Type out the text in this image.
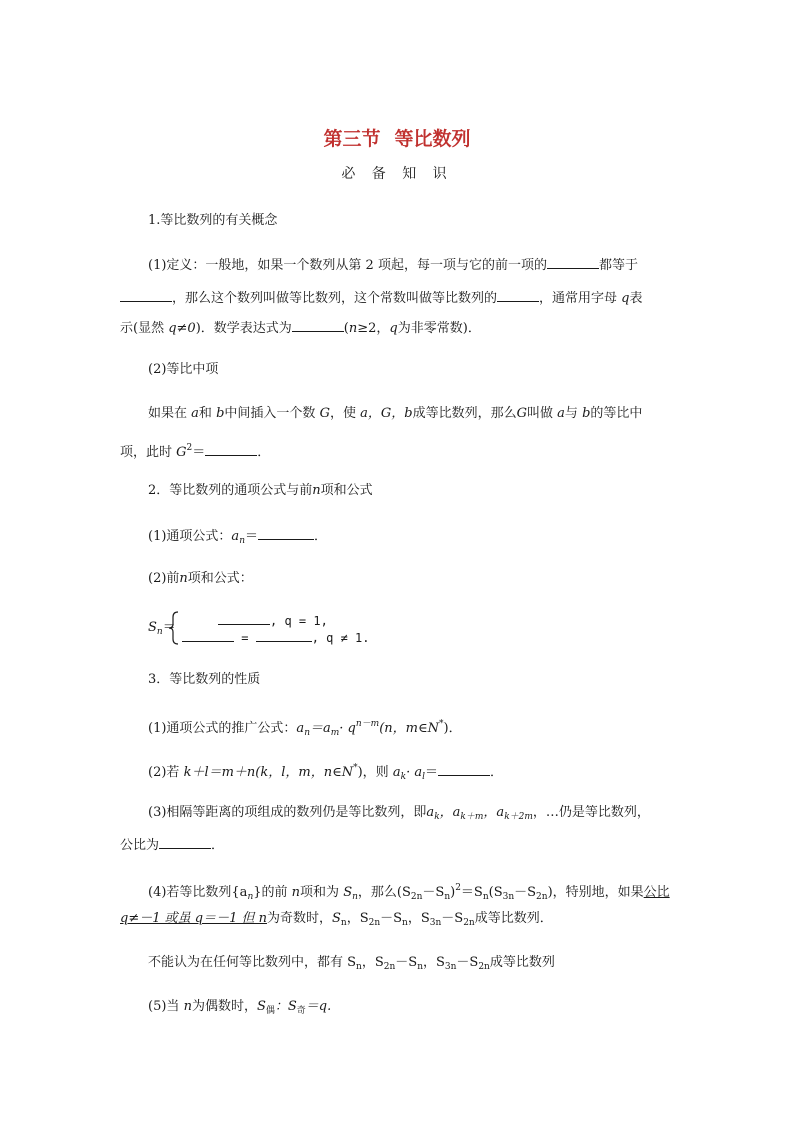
第三节 等比数列
必 备 知 识
1.等比数列的有关概念
(1)定义：一般地，如果一个数列从第 2 项起，每一项与它的前一项的	都等于
，那么这个数列叫做等比数列，这个常数叫做等比数列的	，通常用字母 q表
示(显然 q≠0)．数学表达式为	(n≥2，q为非零常数)．
(2)等比中项
如果在 a和 b中间插入一个数 G，使 a，G，b成等比数列，那么G叫做 a与 b的等比中
项，此时 $G^2=$	．
2．等比数列的通项公式与前n项和公式
(1)通项公式：$a_n=$	．
(2)前n项和公式：
$S_n=$	, q = 1,
=	, q ≠ 1.
3．等比数列的性质
(1)通项公式的推广公式：$a_n=a_m\cdot q^{n-m}(n$，m∈N*)．
(2)若 k＋l＝m＋n(k，l，m，n∈N*)，则 $a_k\cdot a_l=$	．
(3)相隔等距离的项组成的数列仍是等比数列，即$a_k$，$a_{k+m}$，$a_{k+2m}$，…仍是等比数列，
公比为	．
(4)若等比数列$\{a_n\}$的前 n项和为 $S_n$，那么$(S_{2n}-S_n)^2=S_n(S_{3n}-S_{2n})$，特别地，如果公比
q≠－1 或虽 q＝－1 但 n为奇数时，$S_n$，$S_{2n}-S_n$，$S_{3n}-S_{2n}$成等比数列．
不能认为在任何等比数列中，都有 $S_n$，$S_{2n}-S_n$，$S_{3n}-S_{2n}$成等比数列
(5)当 n为偶数时，$S_偶$：$S_奇=q$.
